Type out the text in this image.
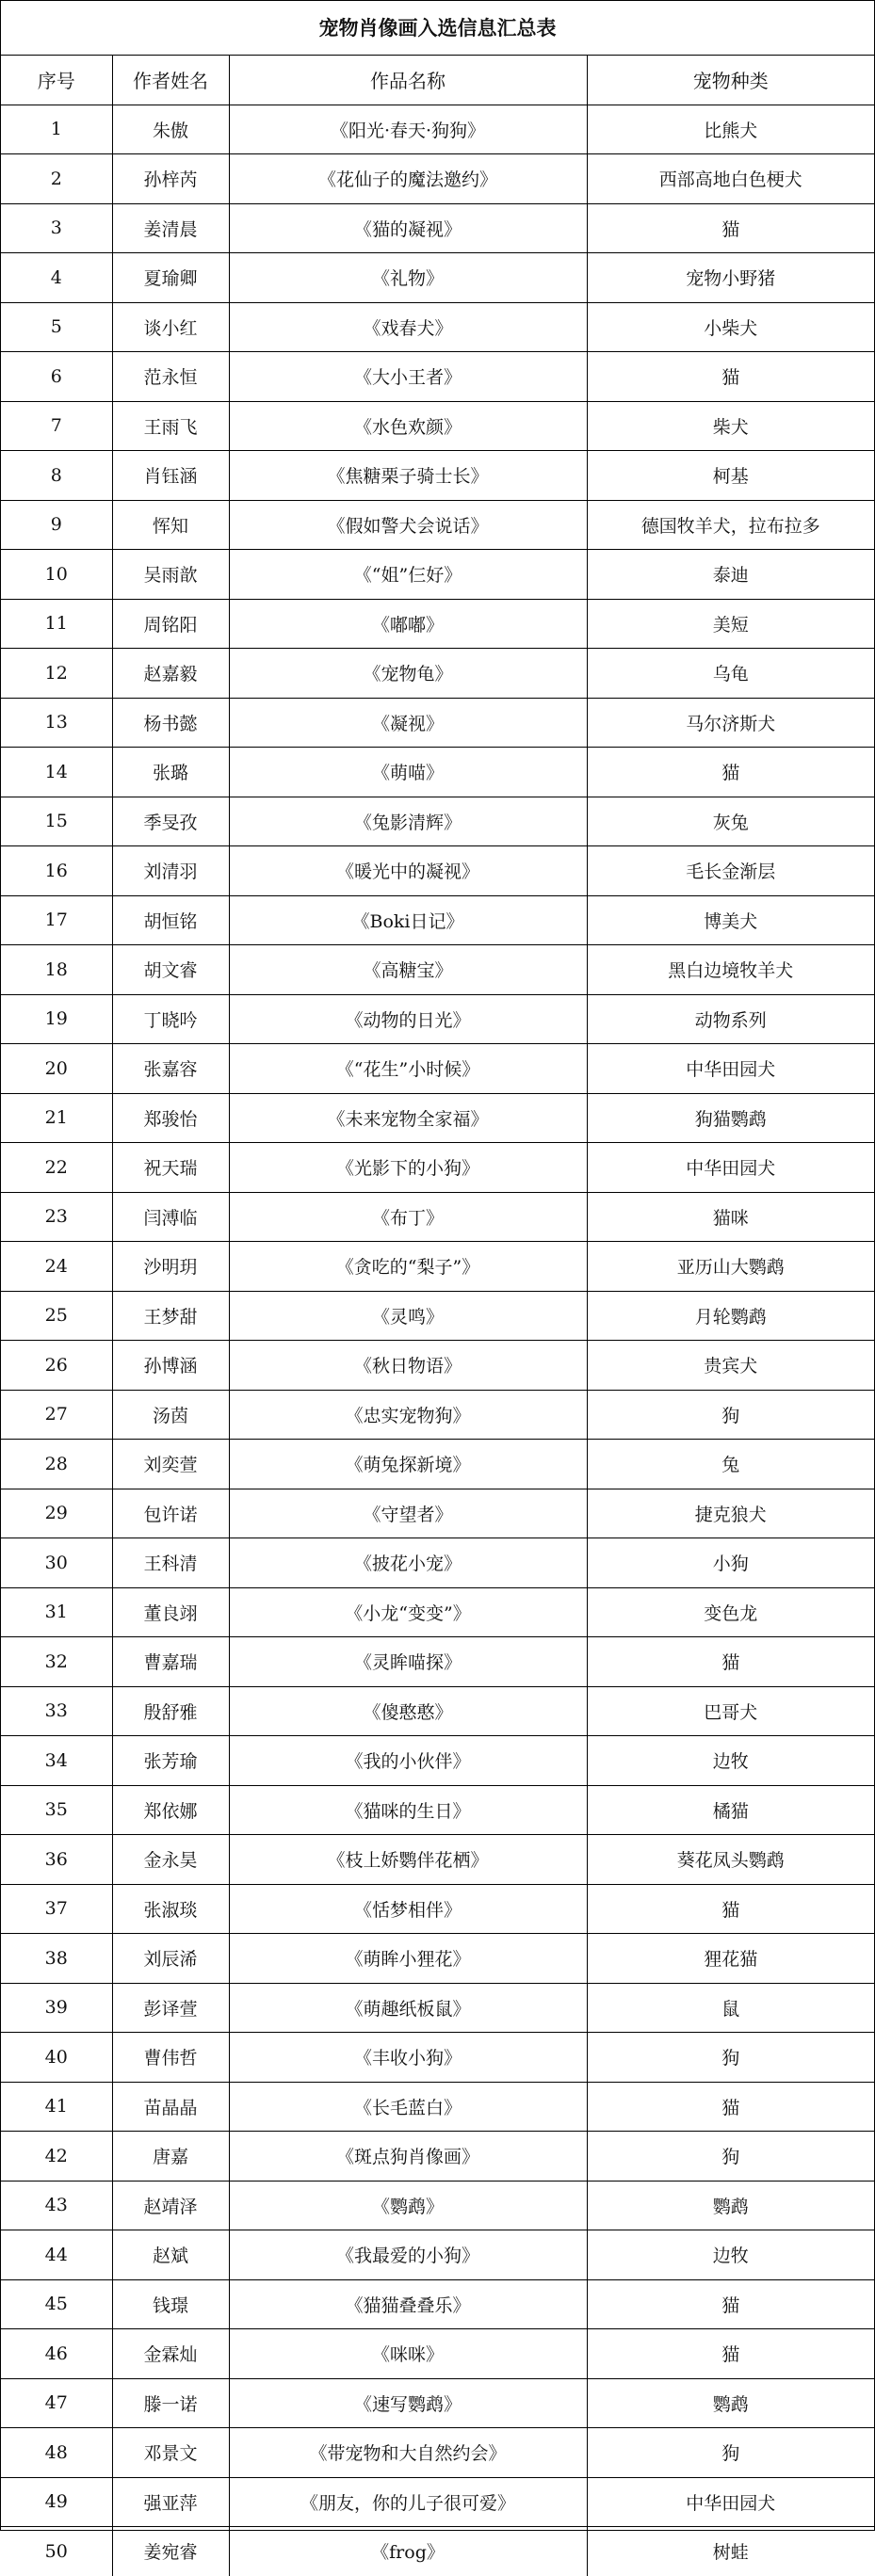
宠物肖像画入选信息汇总表
序号	作者姓名	作品名称	宠物种类
1	朱傲	《阳光·春天·狗狗》	比熊犬
2	孙梓芮	《花仙子的魔法邀约》	西部高地白色梗犬
3	姜清晨	《猫的凝视》	猫
4	夏瑜卿	《礼物》	宠物小野猪
5	谈小红	《戏春犬》	小柴犬
6	范永恒	《大小王者》	猫
7	王雨飞	《水色欢颜》	柴犬
8	肖钰涵	《焦糖栗子骑士长》	柯基
9	恽知	《假如警犬会说话》	德国牧羊犬，拉布拉多
10	吴雨歆	《“姐”仨好》	泰迪
11	周铭阳	《嘟嘟》	美短
12	赵嘉毅	《宠物龟》	乌龟
13	杨书懿	《凝视》	马尔济斯犬
14	张璐	《萌喵》	猫
15	季旻孜	《兔影清辉》	灰兔
16	刘清羽	《暖光中的凝视》	毛长金渐层
17	胡恒铭	《Boki日记》	博美犬
18	胡文睿	《高糖宝》	黑白边境牧羊犬
19	丁晓吟	《动物的日光》	动物系列
20	张嘉容	《“花生”小时候》	中华田园犬
21	郑骏怡	《未来宠物全家福》	狗猫鹦鹉
22	祝天瑞	《光影下的小狗》	中华田园犬
23	闫溥临	《布丁》	猫咪
24	沙明玥	《贪吃的“梨子”》	亚历山大鹦鹉
25	王梦甜	《灵鸣》	月轮鹦鹉
26	孙博涵	《秋日物语》	贵宾犬
27	汤茵	《忠实宠物狗》	狗
28	刘奕萱	《萌兔探新境》	兔
29	包许诺	《守望者》	捷克狼犬
30	王科清	《披花小宠》	小狗
31	董良翊	《小龙“变变”》	变色龙
32	曹嘉瑞	《灵眸喵探》	猫
33	殷舒雅	《傻憨憨》	巴哥犬
34	张芳瑜	《我的小伙伴》	边牧
35	郑依娜	《猫咪的生日》	橘猫
36	金永昊	《枝上娇鹦伴花栖》	葵花凤头鹦鹉
37	张淑琰	《恬梦相伴》	猫
38	刘辰浠	《萌眸小狸花》	狸花猫
39	彭译萱	《萌趣纸板鼠》	鼠
40	曹伟哲	《丰收小狗》	狗
41	苗晶晶	《长毛蓝白》	猫
42	唐嘉	《斑点狗肖像画》	狗
43	赵靖泽	《鹦鹉》	鹦鹉
44	赵斌	《我最爱的小狗》	边牧
45	钱璟	《猫猫叠叠乐》	猫
46	金霖灿	《咪咪》	猫
47	滕一诺	《速写鹦鹉》	鹦鹉
48	邓景文	《带宠物和大自然约会》	狗
49	强亚萍	《朋友，你的儿子很可爱》	中华田园犬
50	姜宛睿	《frog》	树蛙
